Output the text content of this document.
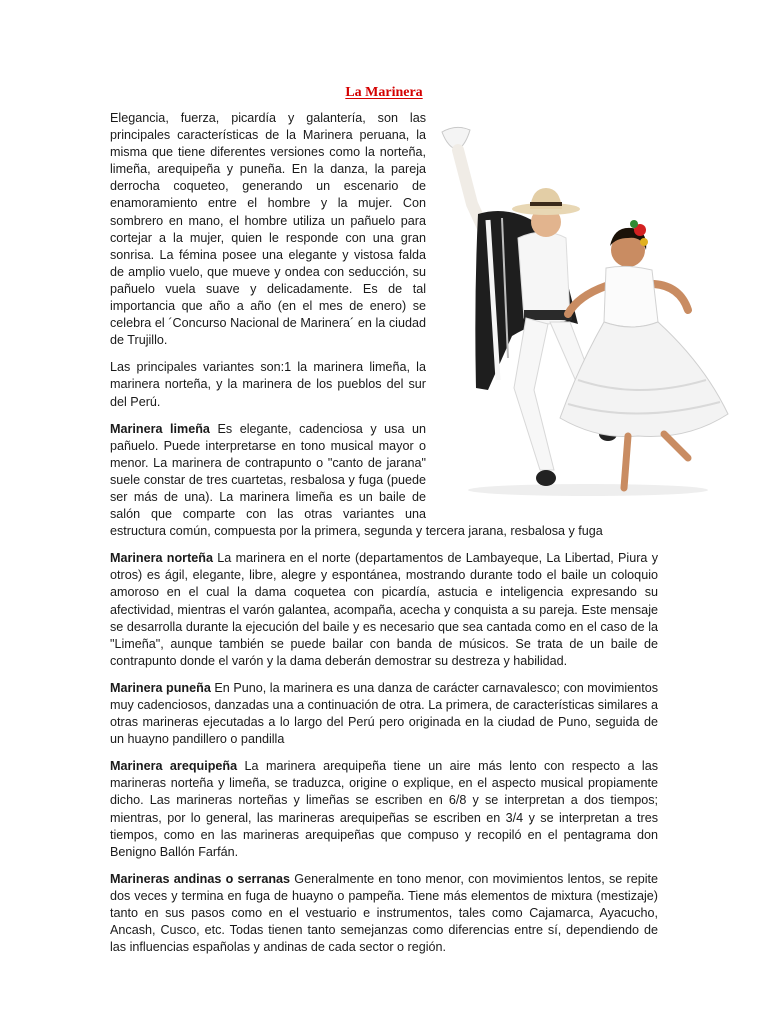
La Marinera

Elegancia, fuerza, picardía y galantería, son las principales características de la Marinera peruana, la misma que tiene diferentes versiones como la norteña, limeña, arequipeña y puneña. En la danza, la pareja derrocha coqueteo, generando un escenario de enamoramiento entre el hombre y la mujer. Con sombrero en mano, el hombre utiliza un pañuelo para cortejar a la mujer, quien le responde con una gran sonrisa. La fémina posee una elegante y vistosa falda de amplio vuelo, que mueve y ondea con seducción, su pañuelo vuela suave y delicadamente. Es de tal importancia que año a año (en el mes de enero) se celebra el ´Concurso Nacional de Marinera´ en la ciudad de Trujillo.

Las principales variantes son:1 la marinera limeña, la marinera norteña, y la marinera de los pueblos del sur del Perú.

Marinera limeña Es elegante, cadenciosa y usa un pañuelo. Puede interpretarse en tono musical mayor o menor. La marinera de contrapunto o "canto de jarana" suele constar de tres cuartetas, resbalosa y fuga (puede ser más de una). La marinera limeña es un baile de salón que comparte con las otras variantes una estructura común, compuesta por la primera, segunda y tercera jarana, resbalosa y fuga

Marinera norteña La marinera en el norte (departamentos de Lambayeque, La Libertad, Piura y otros) es ágil, elegante, libre, alegre y espontánea, mostrando durante todo el baile un coloquio amoroso en el cual la dama coquetea con picardía, astucia e inteligencia expresando su afectividad, mientras el varón galantea, acompaña, acecha y conquista a su pareja. Este mensaje se desarrolla durante la ejecución del baile y es necesario que sea cantada como en el caso de la "Limeña", aunque también se puede bailar con banda de músicos. Se trata de un baile de contrapunto donde el varón y la dama deberán demostrar su destreza y habilidad.

Marinera puneña En Puno, la marinera es una danza de carácter carnavalesco; con movimientos muy cadenciosos, danzadas una a continuación de otra. La primera, de características similares a otras marineras ejecutadas a lo largo del Perú pero originada en la ciudad de Puno, seguida de un huayno pandillero o pandilla

Marinera arequipeña La marinera arequipeña tiene un aire más lento con respecto a las marineras norteña y limeña, se traduzca, origine o explique, en el aspecto musical propiamente dicho. Las marineras norteñas y limeñas se escriben en 6/8 y se interpretan a dos tiempos; mientras, por lo general, las marineras arequipeñas se escriben en 3/4 y se interpretan a tres tiempos, como en las marineras arequipeñas que compuso y recopiló en el pentagrama don Benigno Ballón Farfán.

Marineras andinas o serranas Generalmente en tono menor, con movimientos lentos, se repite dos veces y termina en fuga de huayno o pampeña. Tiene más elementos de mixtura (mestizaje) tanto en sus pasos como en el vestuario e instrumentos, tales como Cajamarca, Ayacucho, Ancash, Cusco, etc. Todas tienen tanto semejanzas como diferencias entre sí, dependiendo de las influencias españolas y andinas de cada sector o región.
